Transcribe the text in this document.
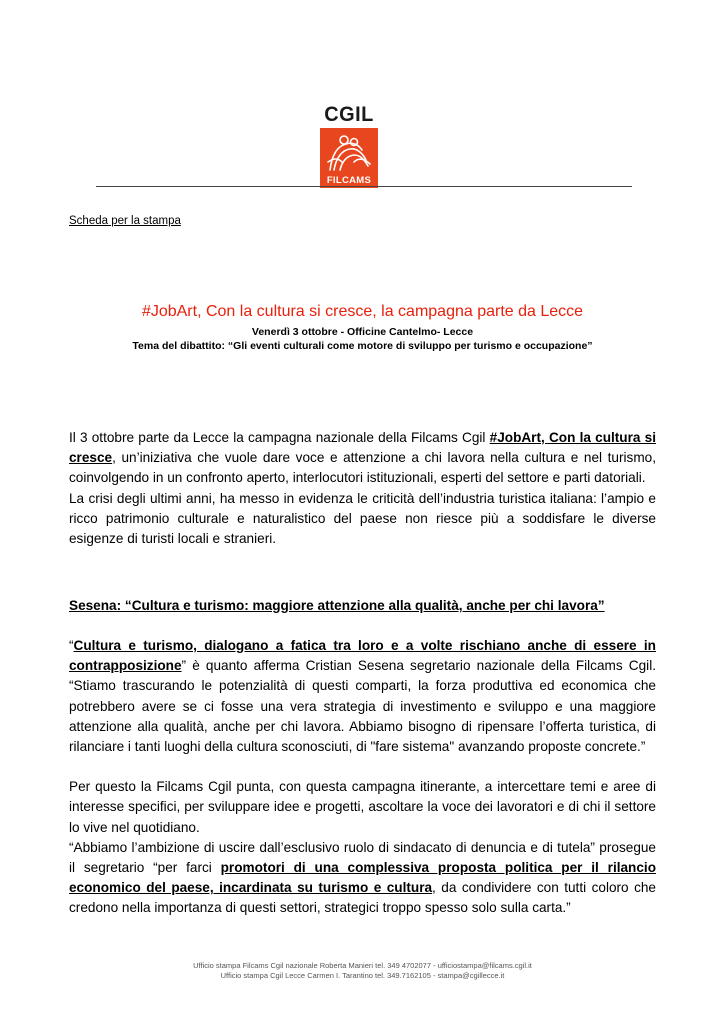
CGIL
FILCAMS
Scheda per la stampa
#JobArt, Con la cultura si cresce, la campagna parte da Lecce
Venerdì 3 ottobre - Officine Cantelmo- Lecce
Tema del dibattito: “Gli eventi culturali come motore di sviluppo per turismo e occupazione”

Il 3 ottobre parte da Lecce la campagna nazionale della Filcams Cgil #JobArt, Con la cultura si cresce, un’iniziativa che vuole dare voce e attenzione a chi lavora nella cultura e nel turismo, coinvolgendo in un confronto aperto, interlocutori istituzionali, esperti del settore e parti datoriali.

La crisi degli ultimi anni, ha messo in evidenza le criticità dell’industria turistica italiana: l’ampio e ricco patrimonio culturale e naturalistico del paese non riesce più a soddisfare le diverse esigenze di turisti locali e stranieri.

Sesena: “Cultura e turismo: maggiore attenzione alla qualità, anche per chi lavora”

“Cultura e turismo, dialogano a fatica tra loro e a volte rischiano anche di essere in contrapposizione” è quanto afferma Cristian Sesena segretario nazionale della Filcams Cgil. “Stiamo trascurando le potenzialità di questi comparti, la forza produttiva ed economica che potrebbero avere se ci fosse una vera strategia di investimento e sviluppo e una maggiore attenzione alla qualità, anche per chi lavora. Abbiamo bisogno di ripensare l’offerta turistica, di rilanciare i tanti luoghi della cultura sconosciuti, di "fare sistema" avanzando proposte concrete.”

Per questo la Filcams Cgil punta, con questa campagna itinerante, a intercettare temi e aree di interesse specifici, per sviluppare idee e progetti, ascoltare la voce dei lavoratori e di chi il settore lo vive nel quotidiano.

“Abbiamo l’ambizione di uscire dall’esclusivo ruolo di sindacato di denuncia e di tutela” prosegue il segretario “per farci promotori di una complessiva proposta politica per il rilancio economico del paese, incardinata su turismo e cultura, da condividere con tutti coloro che credono nella importanza di questi settori, strategici troppo spesso solo sulla carta.”

Ufficio stampa Filcams Cgil nazionale Roberta Manieri tel. 349 4702077 - ufficiostampa@filcams.cgil.it
Ufficio stampa Cgil Lecce Carmen I. Tarantino tel. 349.7162105 - stampa@cgillecce.it
